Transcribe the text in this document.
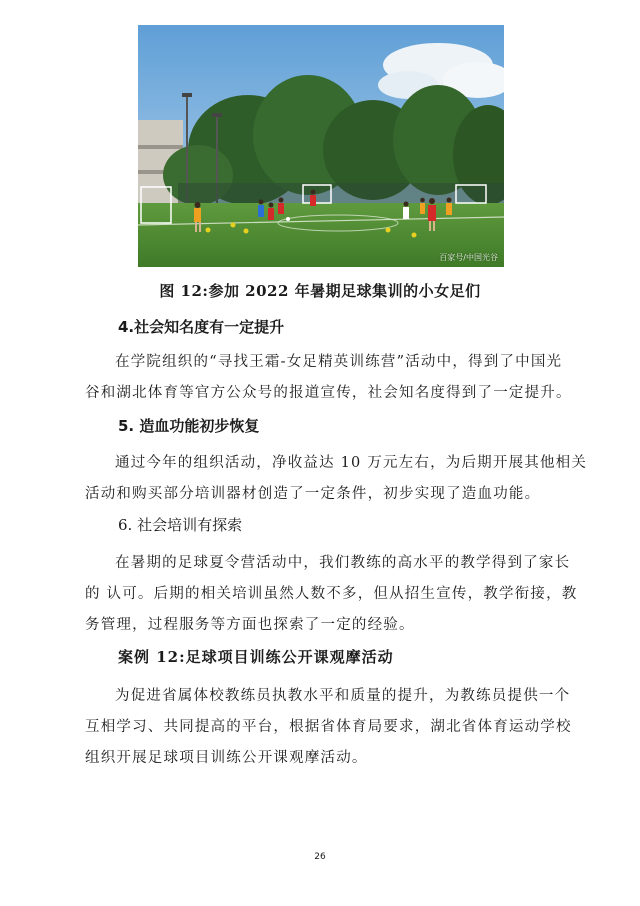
百家号/中国光谷
图 12:参加 2022 年暑期足球集训的小女足们
4.社会知名度有一定提升
在学院组织的“寻找王霜-女足精英训练营”活动中，得到了中国光
谷和湖北体育等官方公众号的报道宣传，社会知名度得到了一定提升。
5. 造血功能初步恢复
通过今年的组织活动，净收益达 10 万元左右，为后期开展其他相关
活动和购买部分培训器材创造了一定条件，初步实现了造血功能。
6. 社会培训有探索
在暑期的足球夏令营活动中，我们教练的高水平的教学得到了家长
的 认可。后期的相关培训虽然人数不多，但从招生宣传，教学衔接，教
务管理，过程服务等方面也探索了一定的经验。
案例 12:足球项目训练公开课观摩活动
为促进省属体校教练员执教水平和质量的提升，为教练员提供一个
互相学习、共同提高的平台，根据省体育局要求，湖北省体育运动学校
组织开展足球项目训练公开课观摩活动。
26
